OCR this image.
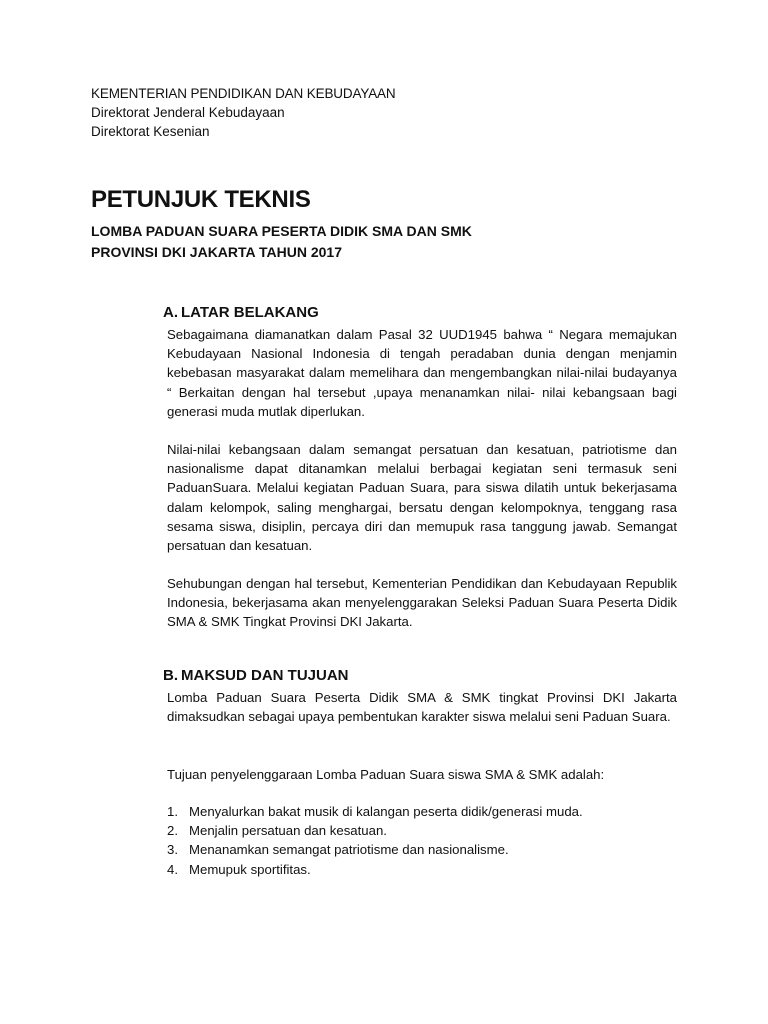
KEMENTERIAN PENDIDIKAN DAN KEBUDAYAAN
Direktorat Jenderal Kebudayaan
Direktorat Kesenian
PETUNJUK TEKNIS
LOMBA PADUAN SUARA PESERTA DIDIK SMA DAN SMK
PROVINSI DKI JAKARTA TAHUN 2017
A. LATAR BELAKANG

Sebagaimana diamanatkan dalam Pasal 32 UUD1945 bahwa “ Negara memajukan Kebudayaan Nasional Indonesia di tengah peradaban dunia dengan menjamin kebebasan masyarakat dalam memelihara dan mengembangkan nilai-nilai budayanya “ Berkaitan dengan hal tersebut ,upaya menanamkan nilai- nilai kebangsaan bagi generasi muda mutlak diperlukan.

Nilai-nilai kebangsaan dalam semangat persatuan dan kesatuan, patriotisme dan nasionalisme dapat ditanamkan melalui berbagai kegiatan seni termasuk seni PaduanSuara. Melalui kegiatan Paduan Suara, para siswa dilatih untuk bekerjasama dalam kelompok, saling menghargai, bersatu dengan kelompoknya, tenggang rasa sesama siswa, disiplin, percaya diri dan memupuk rasa tanggung jawab. Semangat persatuan dan kesatuan.

Sehubungan dengan hal tersebut, Kementerian Pendidikan dan Kebudayaan Republik Indonesia, bekerjasama akan menyelenggarakan Seleksi Paduan Suara Peserta Didik SMA & SMK Tingkat Provinsi DKI Jakarta.

B. MAKSUD DAN TUJUAN

Lomba Paduan Suara Peserta Didik SMA & SMK tingkat Provinsi DKI Jakarta dimaksudkan sebagai upaya pembentukan karakter siswa melalui seni Paduan Suara.

Tujuan penyelenggaraan Lomba Paduan Suara siswa SMA & SMK adalah:

1. Menyalurkan bakat musik di kalangan peserta didik/generasi muda.
2. Menjalin persatuan dan kesatuan.
3. Menanamkan semangat patriotisme dan nasionalisme.
4. Memupuk sportifitas.
